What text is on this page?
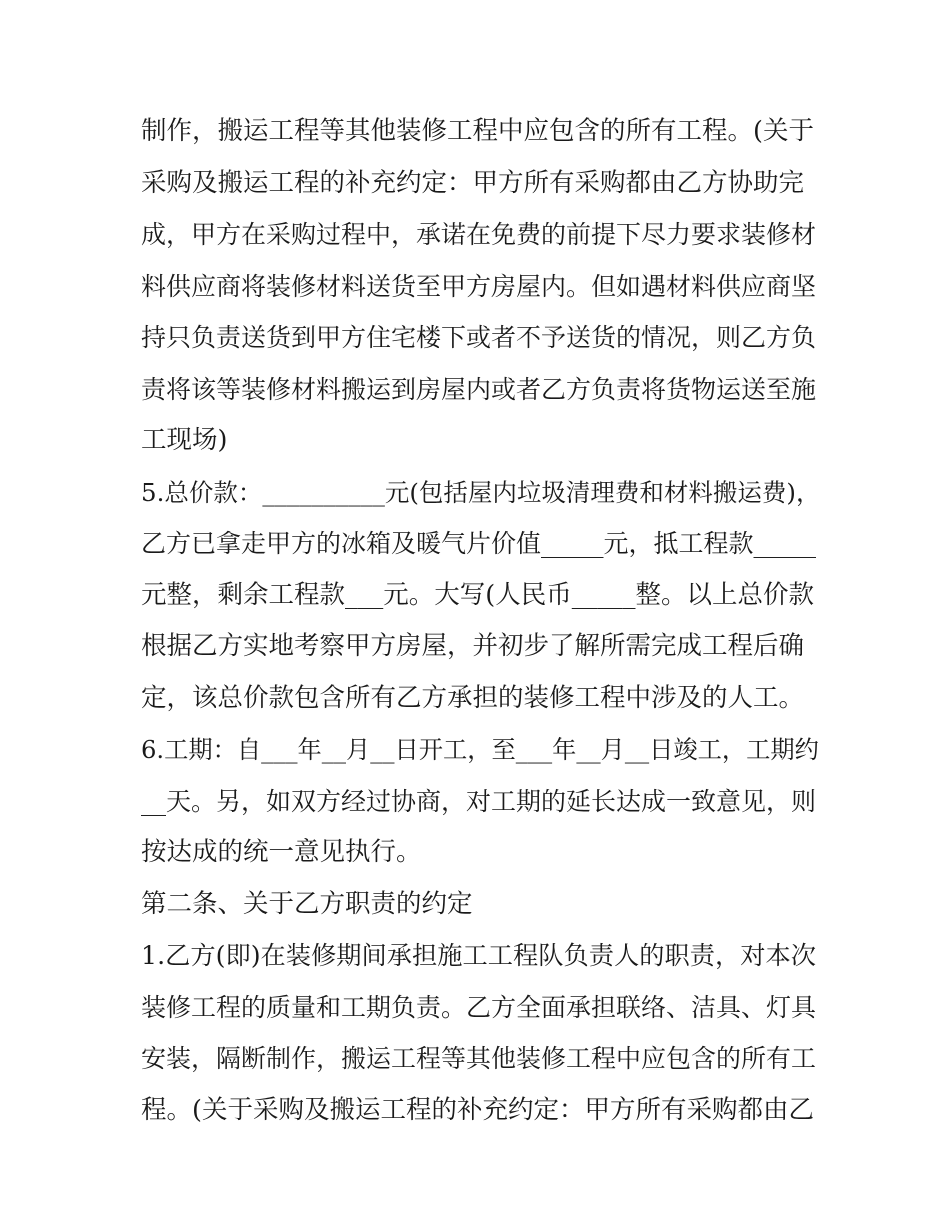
制作，搬运工程等其他装修工程中应包含的所有工程。(关于
采购及搬运工程的补充约定：甲方所有采购都由乙方协助完
成，甲方在采购过程中，承诺在免费的前提下尽力要求装修材
料供应商将装修材料送货至甲方房屋内。但如遇材料供应商坚
持只负责送货到甲方住宅楼下或者不予送货的情况，则乙方负
责将该等装修材料搬运到房屋内或者乙方负责将货物运送至施
工现场)
5.总价款：__________元(包括屋内垃圾清理费和材料搬运费)，
乙方已拿走甲方的冰箱及暖气片价值_____元，抵工程款_____
元整，剩余工程款___元。大写(人民币_____整。以上总价款
根据乙方实地考察甲方房屋，并初步了解所需完成工程后确
定，该总价款包含所有乙方承担的装修工程中涉及的人工。
6.工期：自___年__月__日开工，至___年__月__日竣工，工期约
__天。另，如双方经过协商，对工期的延长达成一致意见，则
按达成的统一意见执行。
第二条、关于乙方职责的约定
1.乙方(即)在装修期间承担施工工程队负责人的职责，对本次
装修工程的质量和工期负责。乙方全面承担联络、洁具、灯具
安装，隔断制作，搬运工程等其他装修工程中应包含的所有工
程。(关于采购及搬运工程的补充约定：甲方所有采购都由乙
